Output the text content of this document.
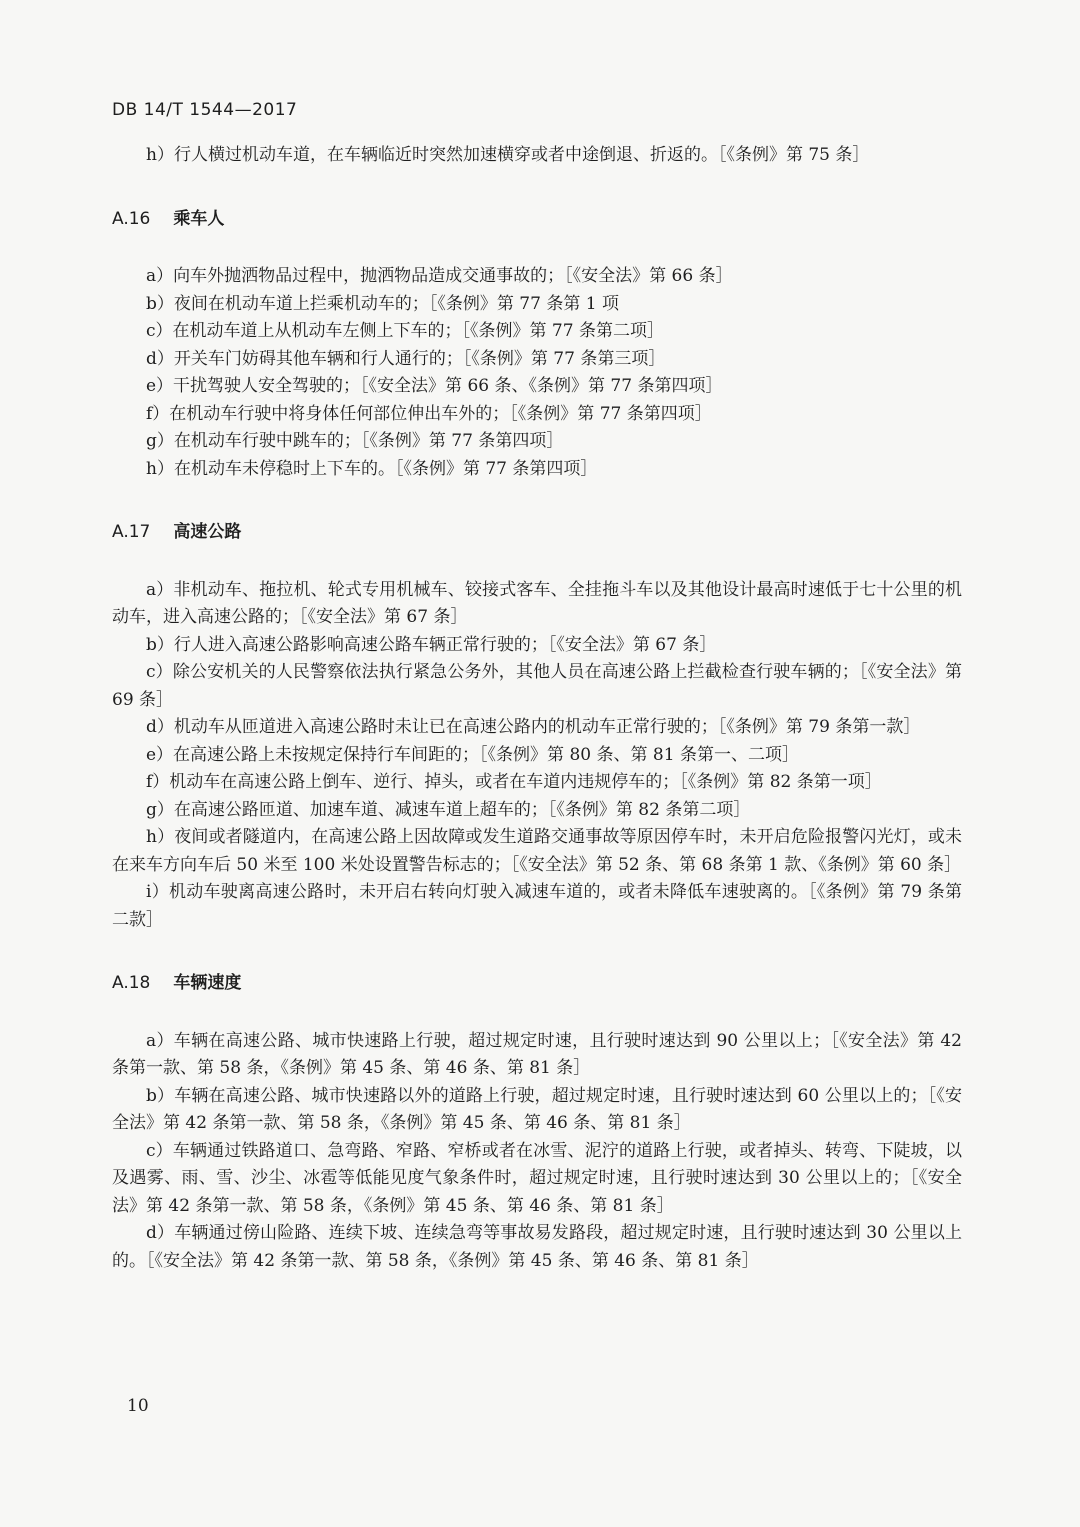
DB 14/T 1544—2017

h）行人横过机动车道，在车辆临近时突然加速横穿或者中途倒退、折返的。［《条例》第 75 条］

A.16 乘车人

a）向车外抛洒物品过程中，抛洒物品造成交通事故的；［《安全法》第 66 条］

b）夜间在机动车道上拦乘机动车的；［《条例》第 77 条第 1 项

c）在机动车道上从机动车左侧上下车的；［《条例》第 77 条第二项］

d）开关车门妨碍其他车辆和行人通行的；［《条例》第 77 条第三项］

e）干扰驾驶人安全驾驶的；［《安全法》第 66 条、《条例》第 77 条第四项］

f）在机动车行驶中将身体任何部位伸出车外的；［《条例》第 77 条第四项］

g）在机动车行驶中跳车的；［《条例》第 77 条第四项］

h）在机动车未停稳时上下车的。［《条例》第 77 条第四项］

A.17 高速公路

a）非机动车、拖拉机、轮式专用机械车、铰接式客车、全挂拖斗车以及其他设计最高时速低于七十公里的机动车，进入高速公路的；［《安全法》第 67 条］

b）行人进入高速公路影响高速公路车辆正常行驶的；［《安全法》第 67 条］

c）除公安机关的人民警察依法执行紧急公务外，其他人员在高速公路上拦截检查行驶车辆的；［《安全法》第 69 条］

d）机动车从匝道进入高速公路时未让已在高速公路内的机动车正常行驶的；［《条例》第 79 条第一款］

e）在高速公路上未按规定保持行车间距的；［《条例》第 80 条、第 81 条第一、二项］

f）机动车在高速公路上倒车、逆行、掉头，或者在车道内违规停车的；［《条例》第 82 条第一项］

g）在高速公路匝道、加速车道、减速车道上超车的；［《条例》第 82 条第二项］

h）夜间或者隧道内，在高速公路上因故障或发生道路交通事故等原因停车时，未开启危险报警闪光灯，或未在来车方向车后 50 米至 100 米处设置警告标志的；［《安全法》第 52 条、第 68 条第 1 款、《条例》第 60 条］

i）机动车驶离高速公路时，未开启右转向灯驶入减速车道的，或者未降低车速驶离的。［《条例》第 79 条第二款］

A.18 车辆速度

a）车辆在高速公路、城市快速路上行驶，超过规定时速，且行驶时速达到 90 公里以上；［《安全法》第 42 条第一款、第 58 条，《条例》第 45 条、第 46 条、第 81 条］

b）车辆在高速公路、城市快速路以外的道路上行驶，超过规定时速，且行驶时速达到 60 公里以上的；［《安全法》第 42 条第一款、第 58 条，《条例》第 45 条、第 46 条、第 81 条］

c）车辆通过铁路道口、急弯路、窄路、窄桥或者在冰雪、泥泞的道路上行驶，或者掉头、转弯、下陡坡，以及遇雾、雨、雪、沙尘、冰雹等低能见度气象条件时，超过规定时速，且行驶时速达到 30 公里以上的；［《安全法》第 42 条第一款、第 58 条，《条例》第 45 条、第 46 条、第 81 条］

d）车辆通过傍山险路、连续下坡、连续急弯等事故易发路段，超过规定时速，且行驶时速达到 30 公里以上的。［《安全法》第 42 条第一款、第 58 条，《条例》第 45 条、第 46 条、第 81 条］

10
